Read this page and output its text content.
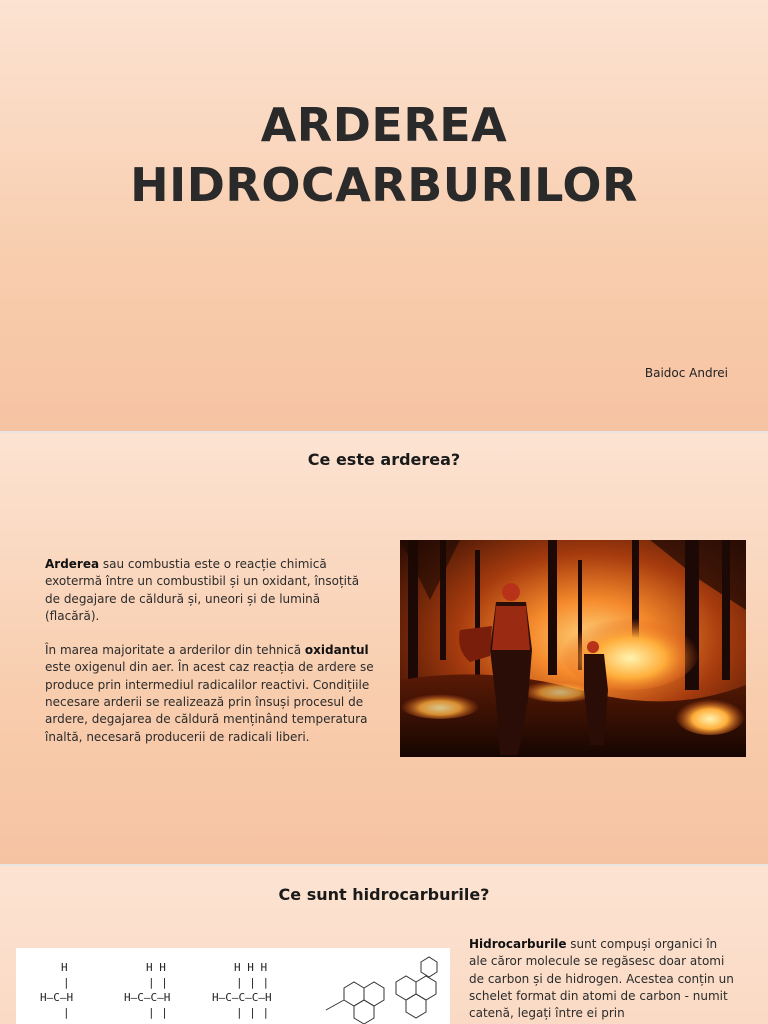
ARDEREA
HIDROCARBURILOR
Baidoc Andrei
Ce este arderea?

Arderea sau combustia este o reacție chimică exotermă între un combustibil și un oxidant, însoțită de degajare de căldură și, uneori și de lumină (flacără).

În marea majoritate a arderilor din tehnică oxidantul este oxigenul din aer. În acest caz reacția de ardere se produce prin intermediul radicalilor reactivi. Condițiile necesare arderii se realizează prin însuși procesul de ardere, degajarea de căldură menținând temperatura înaltă, necesară producerii de radicali liberi.

Ce sunt hidrocarburile?
H
|
H—C—H
|
H H
| |
H—C—C—H
| |
H H H
| | |
H—C—C—C—H
| | |

Hidrocarburile sunt compuși organici în ale căror molecule se regăsesc doar atomi de carbon și de hidrogen. Acestea conțin un schelet format din atomi de carbon - numit catenă, legați între ei prin
